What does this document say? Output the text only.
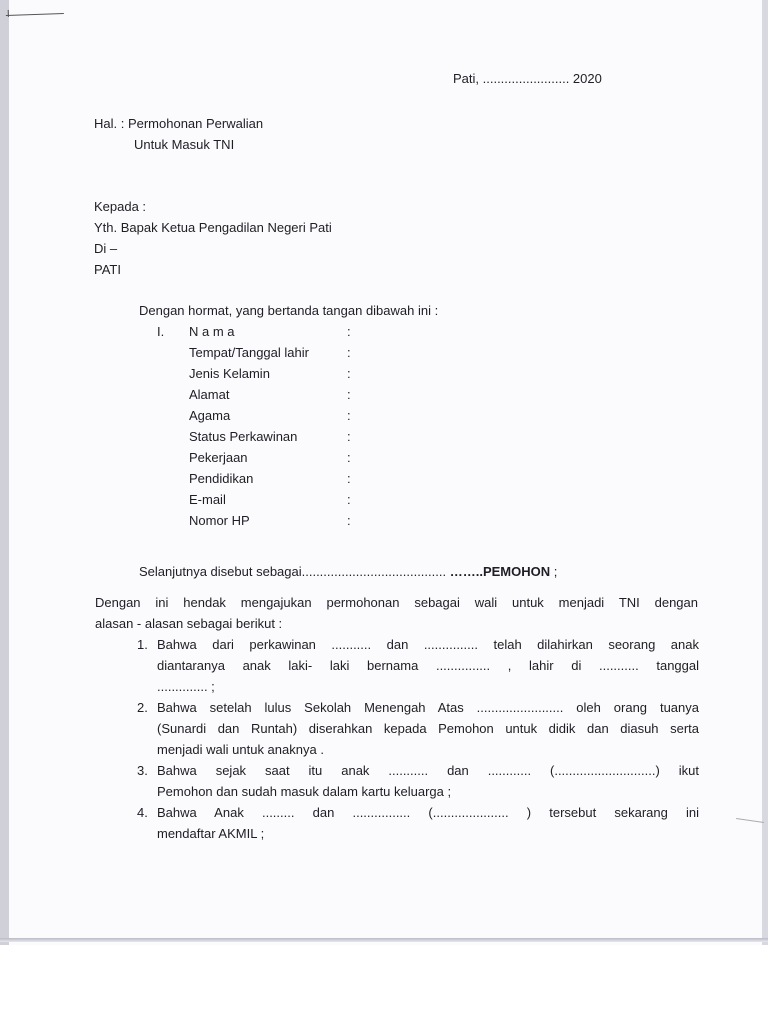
Pati, ........................ 2020
Hal. : Permohonan Perwalian
Untuk Masuk TNI
Kepada :
Yth. Bapak Ketua Pengadilan Negeri Pati
Di –
PATI
Dengan hormat, yang bertanda tangan dibawah ini :
I. N a m a	:
Tempat/Tanggal lahir	:
Jenis Kelamin	:
Alamat	:
Agama	:
Status Perkawinan	:
Pekerjaan	:
Pendidikan	:
E-mail	:
Nomor HP	:
Selanjutnya disebut sebagai........................................ ……..PEMOHON ;
Dengan ini hendak mengajukan permohonan sebagai wali untuk menjadi TNI dengan
alasan - alasan sebagai berikut :
1. Bahwa dari perkawinan ........... dan ............... telah dilahirkan seorang anak
diantaranya anak laki- laki bernama ............... , lahir di ........... tanggal
.............. ;
2. Bahwa setelah lulus Sekolah Menengah Atas ........................ oleh orang tuanya
(Sunardi dan Runtah) diserahkan kepada Pemohon untuk didik dan diasuh serta
menjadi wali untuk anaknya .
3. Bahwa sejak saat itu anak ........... dan ............ (............................) ikut
Pemohon dan sudah masuk dalam kartu keluarga ;
4. Bahwa Anak ......... dan ................ (..................... ) tersebut sekarang ini
mendaftar AKMIL ;
